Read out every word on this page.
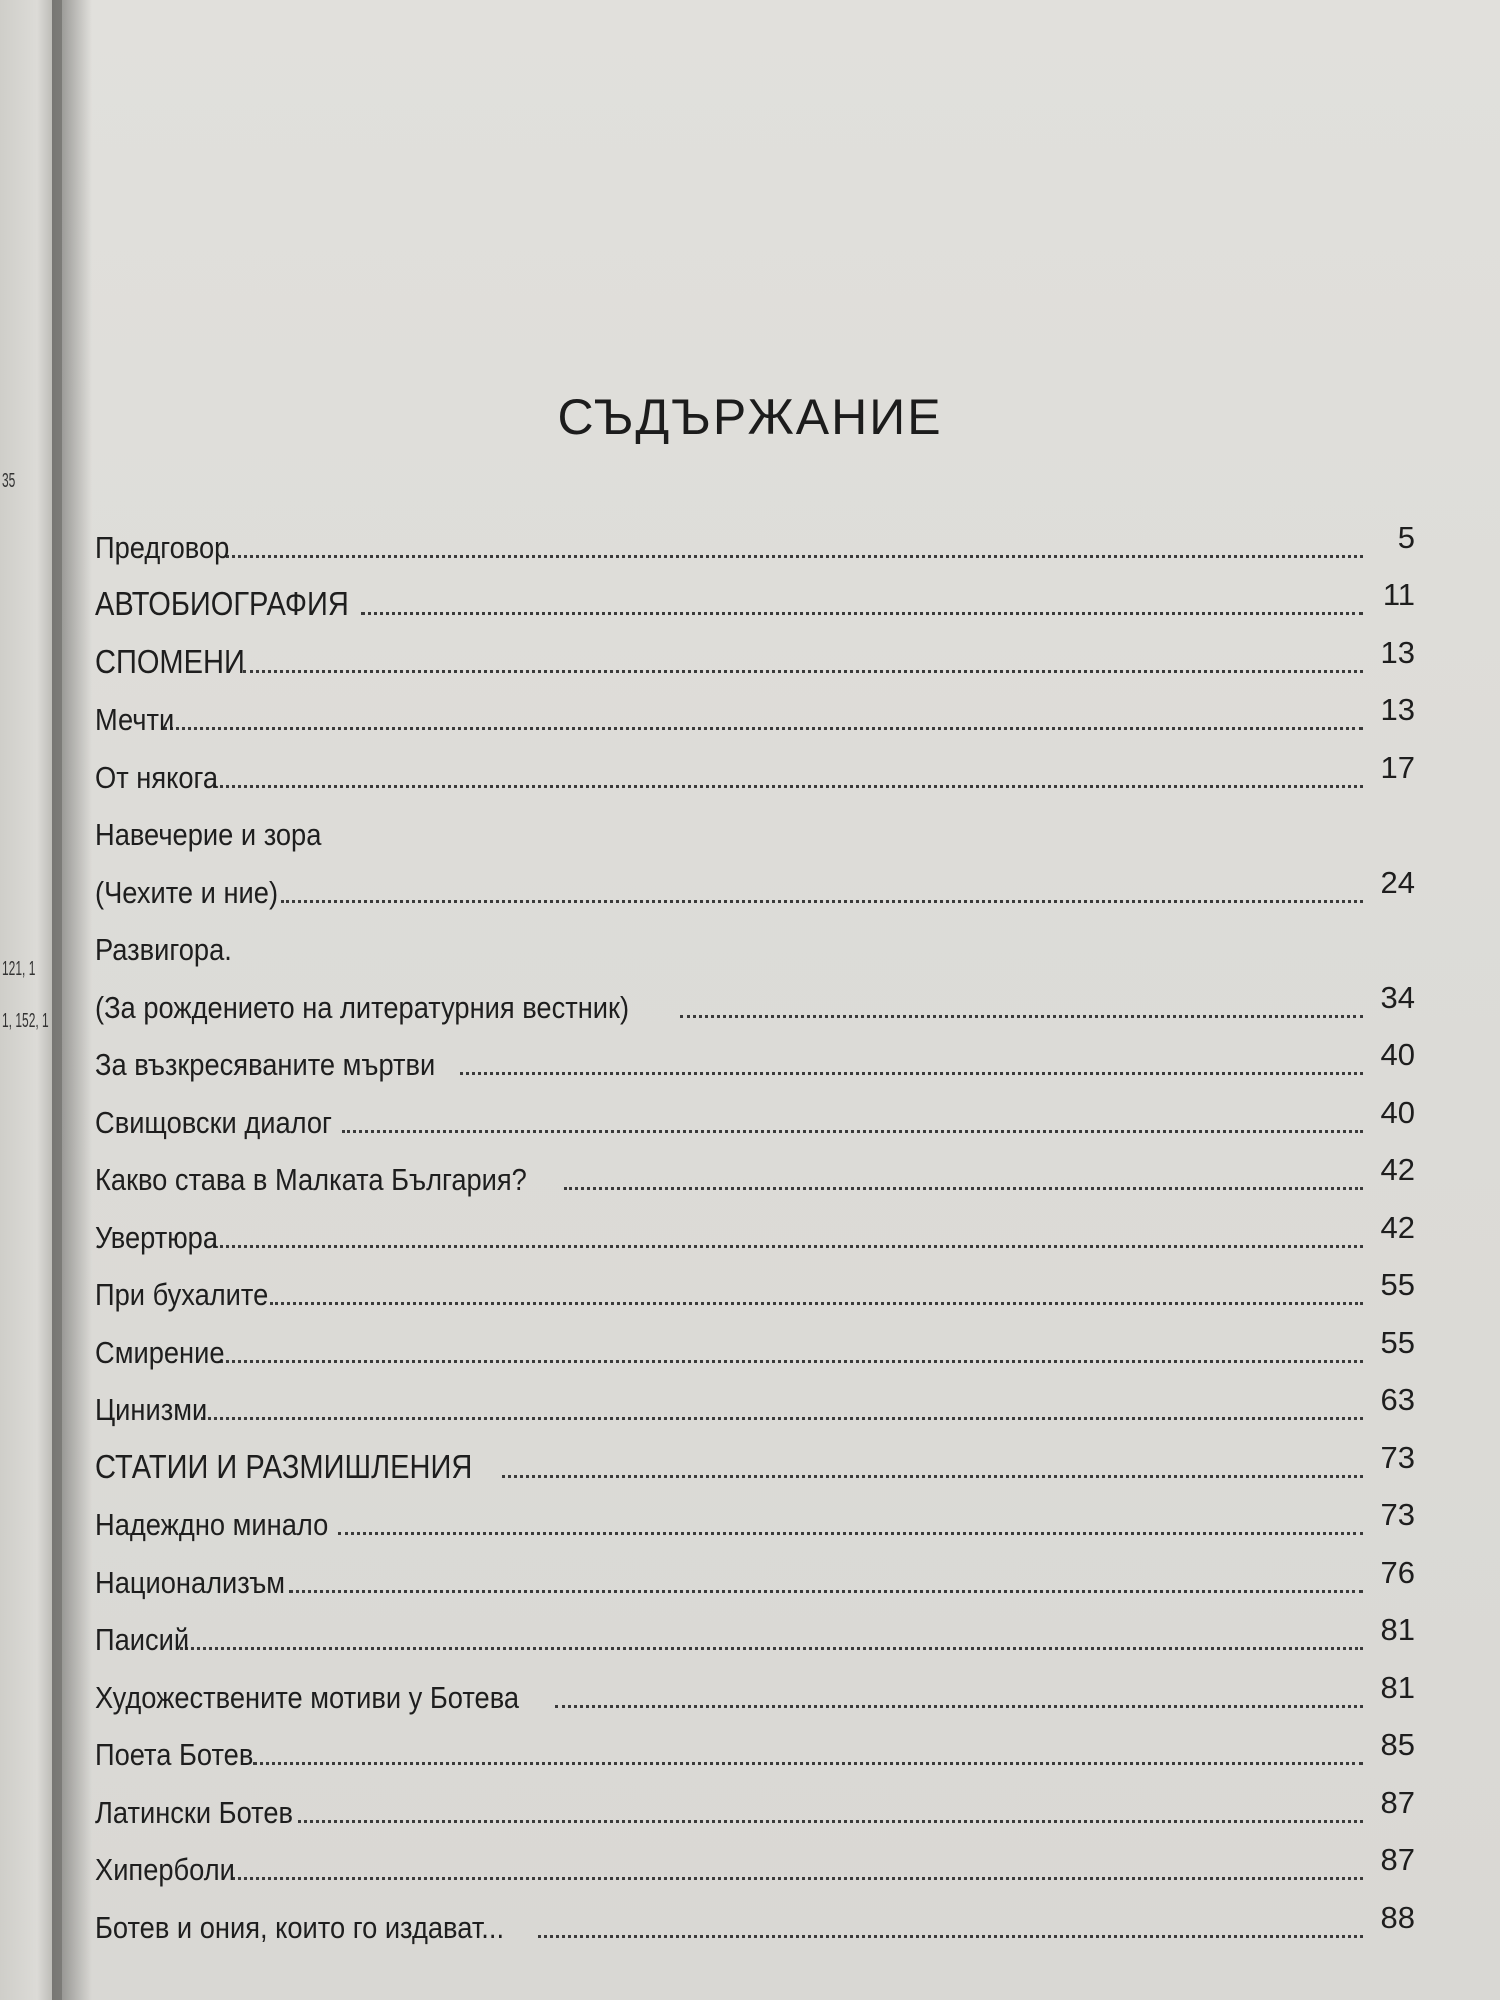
35
121, 1
1, 152, 1
СЪДЪРЖАНИЕ
Предговор	5
АВТОБИОГРАФИЯ	11
СПОМЕНИ	13
Мечти	13
От някога	17
Навечерие и зора
(Чехите и ние)	24
Развигора.
(За рождението на литературния вестник)	34
За възкресяваните мъртви	40
Свищовски диалог	40
Какво става в Малката България?	42
Увертюра	42
При бухалите	55
Смирение	55
Цинизми	63
СТАТИИ И РАЗМИШЛЕНИЯ	73
Надеждно минало	73
Национализъм	76
Паисий	81
Художествените мотиви у Ботева	81
Поета Ботев	85
Латински Ботев	87
Хиперболи	87
Ботев и ония, които го издават...	88
